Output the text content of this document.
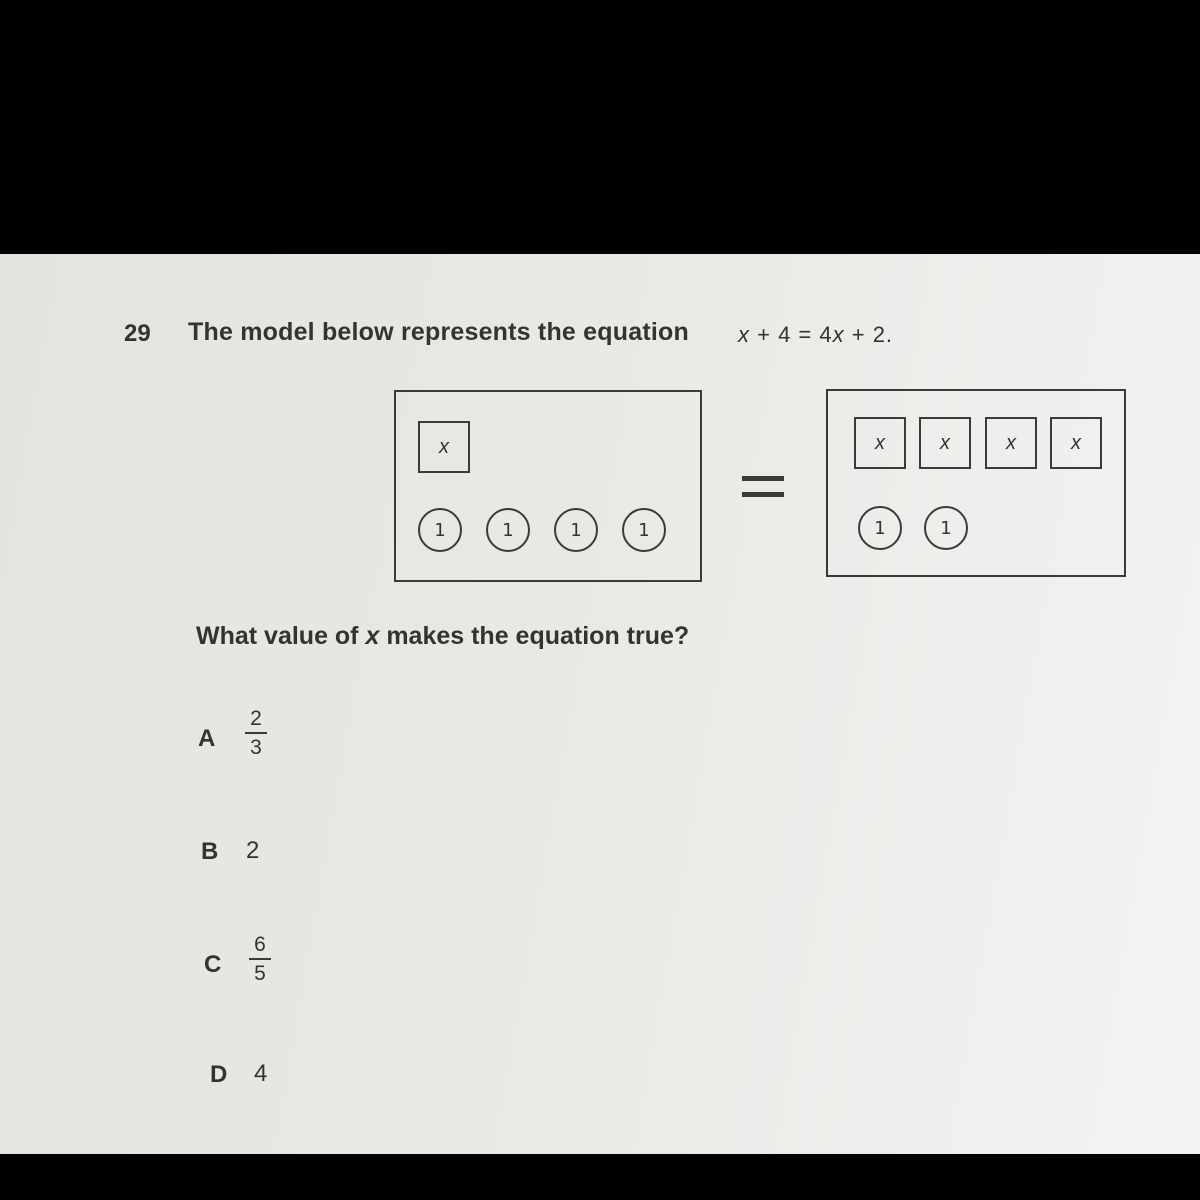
29 The model below represents the equation x + 4 = 4x + 2.
x
1	1	1	1
x	x	x	x
1	1
What value of x makes the equation true?
A
2
3
B 2
C
6
5
D 4
